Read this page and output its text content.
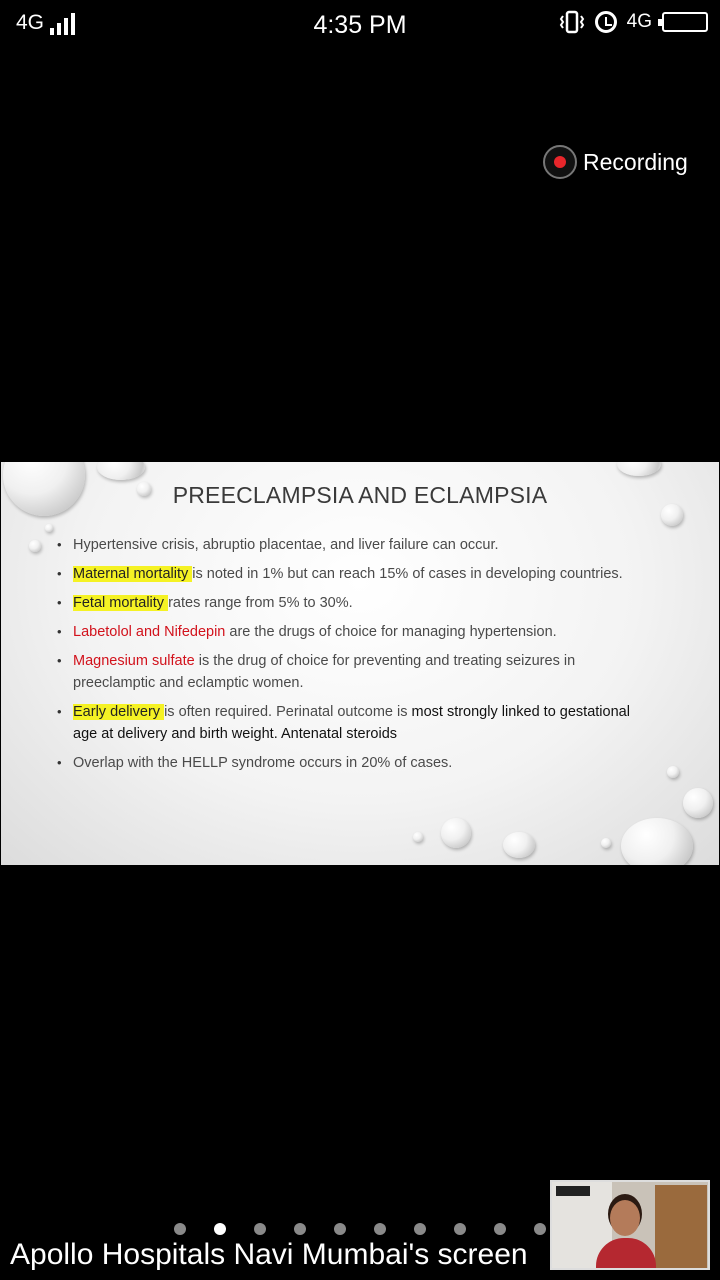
4G	4:35 PM	4G
Recording
PREECLAMPSIA AND ECLAMPSIA
• Hypertensive crisis, abruptio placentae, and liver failure can occur.
• Maternal mortality is noted in 1% but can reach 15% of cases in developing countries.
• Fetal mortality rates range from 5% to 30%.
• Labetolol and Nifedepin are the drugs of choice for managing hypertension.
• Magnesium sulfate is the drug of choice for preventing and treating seizures in preeclamptic and eclamptic women.
• Early delivery is often required. Perinatal outcome is most strongly linked to gestational age at delivery and birth weight. Antenatal steroids
• Overlap with the HELLP syndrome occurs in 20% of cases.
Apollo Hospitals Navi Mumbai's screen
